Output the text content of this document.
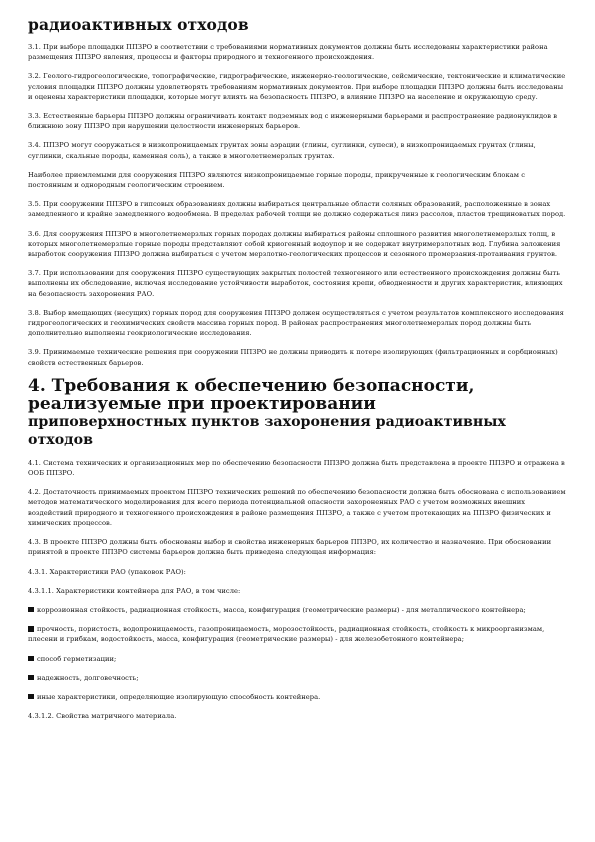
радиоактивных отходов

3.1. При выборе площадки ППЗРО в соответствии с требованиями нормативных документов должны быть исследованы характеристики района размещения ППЗРО явления, процессы и факторы природного и техногенного происхождения.

3.2. Геолого-гидрогеологические, топографические, гидрографические, инженерно-геологические, сейсмические, тектонические и климатические условия площадки ППЗРО должны удовлетворять требованиям нормативных документов. При выборе площадки ППЗРО должны быть исследованы и оценены характеристики площадки, которые могут влиять на безопасность ППЗРО, в влияние ППЗРО на население и окружающую среду.

3.3. Естественные барьеры ППЗРО должны ограничивать контакт подземных вод с инженерными барьерами и распространение радионуклидов в ближнюю зону ППЗРО при нарушении целостности инженерных барьеров.

3.4. ППЗРО могут сооружаться в низкопроницаемых грунтах зоны аэрации (глины, суглинки, супеси), в низкопроницаемых грунтах (глины, суглинки, скальные породы, каменная соль), а также в многолетнемерзлых грунтах.

Наиболее приемлемыми для сооружения ППЗРО являются низкопроницаемые горные породы, прикрученные к геологическим блокам с постоянным и однородным геологическим строением.

3.5. При сооружении ППЗРО в гипсовых образованиях должны выбираться центральные области соляных образований, расположенные в зонах замедленного и крайне замедленного водообмена. В пределах рабочей толщи не должно содержаться линз рассолов, пластов трещиноватых пород.

3.6. Для сооружения ППЗРО в многолетнемерзлых горных породах должны выбираться районы сплошного развития многолетнемерзлых толщ, в которых многолетнемерзлые горные породы представляют собой криогенный водоупор и не содержат внутримерзлотных вод. Глубина заложения выработок сооружения ППЗРО должна выбираться с учетом мерзлотно-геологических процессов и сезонного промерзания-протаивания грунтов.

3.7. При использовании для сооружения ППЗРО существующих закрытых полостей техногенного или естественного происхождения должны быть выполнены их обследование, включая исследование устойчивости выработок, состояния крепи, обводненности и других характеристик, влияющих на безопасность захоронения РАО.

3.8. Выбор вмещающих (несущих) горных пород для сооружения ППЗРО должен осуществляться с учетом результатов комплексного исследования гидрогеологических и геохимических свойств массива горных пород. В районах распространения многолетнемерзлых пород должны быть дополнительно выполнены геокриологические исследования.

3.9. Принимаемые технические решения при сооружении ППЗРО не должны приводить к потере изолирующих (фильтрационных и сорбционных) свойств естественных барьеров.

4. Требования к обеспечению безопасности, реализуемые при проектировании
приповерхностных пунктов захоронения радиоактивных отходов

4.1. Система технических и организационных мер по обеспечению безопасности ППЗРО должна быть представлена в проекте ППЗРО и отражена в ООБ ППЗРО.

4.2. Достаточность принимаемых проектом ППЗРО технических решений по обеспечению безопасности должна быть обоснована с использованием методов математического моделирования для всего периода потенциальной опасности захороненных РАО с учетом возможных внешних воздействий природного и техногенного происхождения в районе размещения ППЗРО, а также с учетом протекающих на ППЗРО физических и химических процессов.

4.3. В проекте ППЗРО должны быть обоснованы выбор и свойства инженерных барьеров ППЗРО, их количество и назначение. При обосновании принятой в проекте ППЗРО системы барьеров должна быть приведена следующая информация:

4.3.1. Характеристики РАО (упаковок РАО):

4.3.1.1. Характеристики контейнера для РАО, в том числе:

коррозионная стойкость, радиационная стойкость, масса, конфигурация (геометрические размеры) - для металлического контейнера;

прочность, пористость, водопроницаемость, газопроницаемость, морозостойкость, радиационная стойкость, стойкость к микроорганизмам, плесени и грибкам, водостойкость, масса, конфигурация (геометрические размеры) - для железобетонного контейнера;

способ герметизации;

надежность, долговечность;

иные характеристики, определяющие изолирующую способность контейнера.

4.3.1.2. Свойства матричного материала.
